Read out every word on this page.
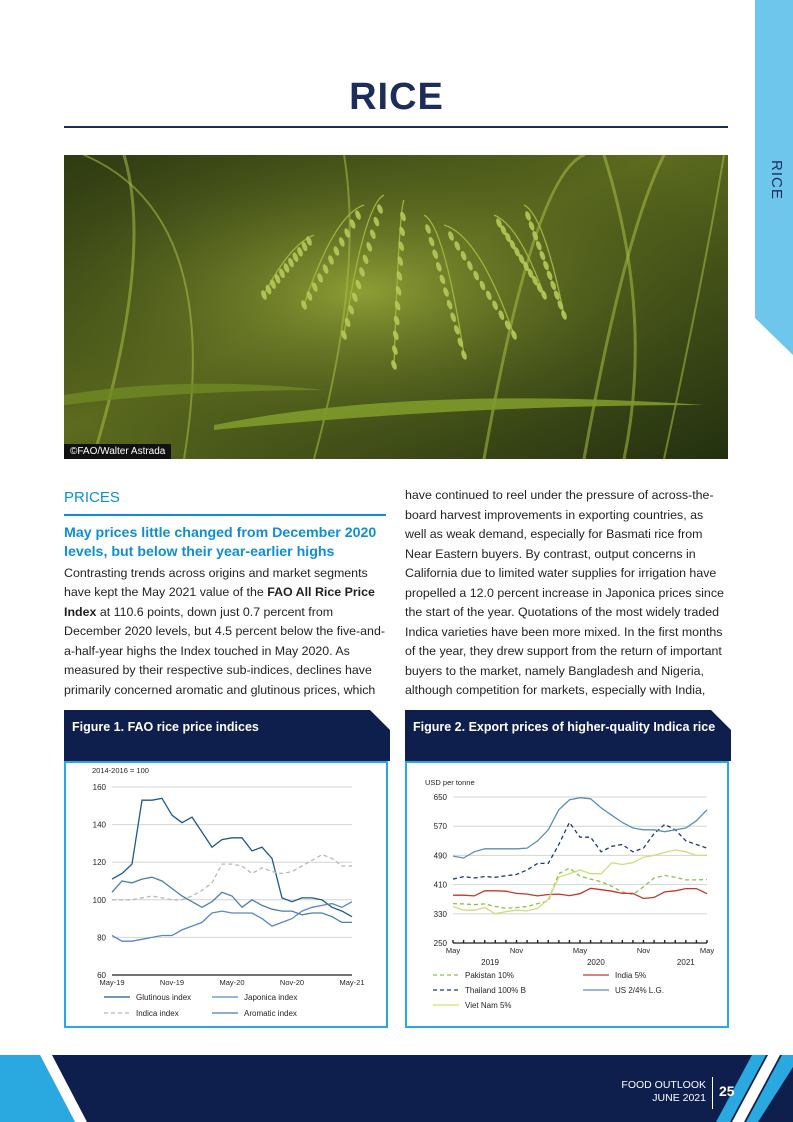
RICE
RICE
©FAO/Walter Astrada
PRICES
May prices little changed from December 2020 levels, but below their year-earlier highs

Contrasting trends across origins and market segments have kept the May 2021 value of the FAO All Rice Price Index at 110.6 points, down just 0.7 percent from December 2020 levels, but 4.5 percent below the five-and-a-half-year highs the Index touched in May 2020. As measured by their respective sub-indices, declines have primarily concerned aromatic and glutinous prices, which

have continued to reel under the pressure of across-the-board harvest improvements in exporting countries, as well as weak demand, especially for Basmati rice from Near Eastern buyers. By contrast, output concerns in California due to limited water supplies for irrigation have propelled a 12.0 percent increase in Japonica prices since the start of the year. Quotations of the most widely traded Indica varieties have been more mixed. In the first months of the year, they drew support from the return of important buyers to the market, namely Bangladesh and Nigeria, although competition for markets, especially with India,

Figure 1. FAO rice price indices
60
80
100
120
140
160
May-19	Nov-19	May-20	Nov-20	May-21
2014-2016 = 100
Glutinous index	Japonica index
Indica index	Aromatic index
Figure 2. Export prices of higher-quality Indica rice
250
330
410
490
570
650
May	Nov	May	Nov	May
2019	2020	2021
USD per tonne
Pakistan 10%	India 5%
Thailand 100% B	US 2/4% L.G.
Viet Nam 5%
FOOD OUTLOOK
JUNE 2021 25
